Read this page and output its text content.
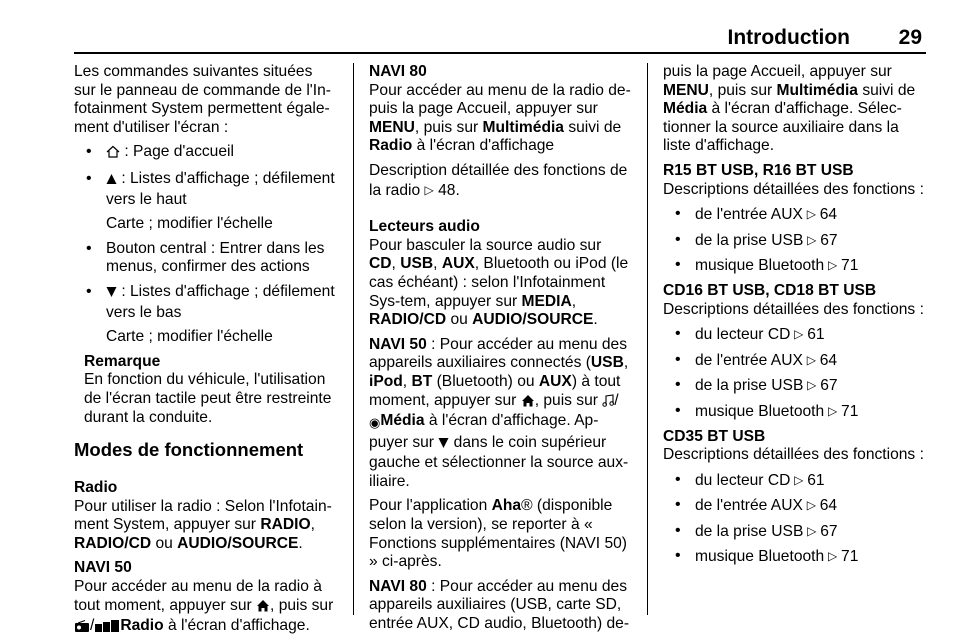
Introduction	29

Les commandes suivantes situées sur le panneau de commande de l'In-fotainment System permettent égale-ment d'utiliser l'écran :

• : Page d'accueil
• : Listes d'affichage ; défilement vers le haut

Carte ; modifier l'échelle

• Bouton central : Entrer dans les menus, confirmer des actions
• : Listes d'affichage ; défilement vers le bas

Carte ; modifier l'échelle

Remarque

En fonction du véhicule, l'utilisation de l'écran tactile peut être restreinte durant la conduite.

Modes de fonctionnement

Radio

Pour utiliser la radio : Selon l'Infotain-ment System, appuyer sur RADIO, RADIO/CD ou AUDIO/SOURCE.

NAVI 50

Pour accéder au menu de la radio à tout moment, appuyer sur , puis sur / Radio à l'écran d'affichage.

NAVI 80

Pour accéder au menu de la radio de-puis la page Accueil, appuyer sur MENU, puis sur Multimédia suivi de Radio à l'écran d'affichage

Description détaillée des fonctions de la radio ▷ 48.

Lecteurs audio

Pour basculer la source audio sur CD, USB, AUX, Bluetooth ou iPod (le cas échéant) : selon l'Infotainment Sys-tem, appuyer sur MEDIA, RADIO/CD ou AUDIO/SOURCE.

NAVI 50 : Pour accéder au menu des appareils auxiliaires connectés (USB, iPod, BT (Bluetooth) ou AUX) à tout moment, appuyer sur , puis sur / ◉Média à l'écran d'affichage. Ap-puyer sur  dans le coin supérieur gauche et sélectionner la source aux-iliaire.

Pour l'application Aha® (disponible selon la version), se reporter à « Fonctions supplémentaires (NAVI 50) » ci-après.

NAVI 80 : Pour accéder au menu des appareils auxiliaires (USB, carte SD, entrée AUX, CD audio, Bluetooth) de-

puis la page Accueil, appuyer sur MENU, puis sur Multimédia suivi de Média à l'écran d'affichage. Sélec-tionner la source auxiliaire dans la liste d'affichage.

R15 BT USB, R16 BT USB

Descriptions détaillées des fonctions :

• de l'entrée AUX ▷ 64
• de la prise USB ▷ 67
• musique Bluetooth ▷ 71

CD16 BT USB, CD18 BT USB

Descriptions détaillées des fonctions :

• du lecteur CD ▷ 61
• de l'entrée AUX ▷ 64
• de la prise USB ▷ 67
• musique Bluetooth ▷ 71

CD35 BT USB

Descriptions détaillées des fonctions :

• du lecteur CD ▷ 61
• de l'entrée AUX ▷ 64
• de la prise USB ▷ 67
• musique Bluetooth ▷ 71
